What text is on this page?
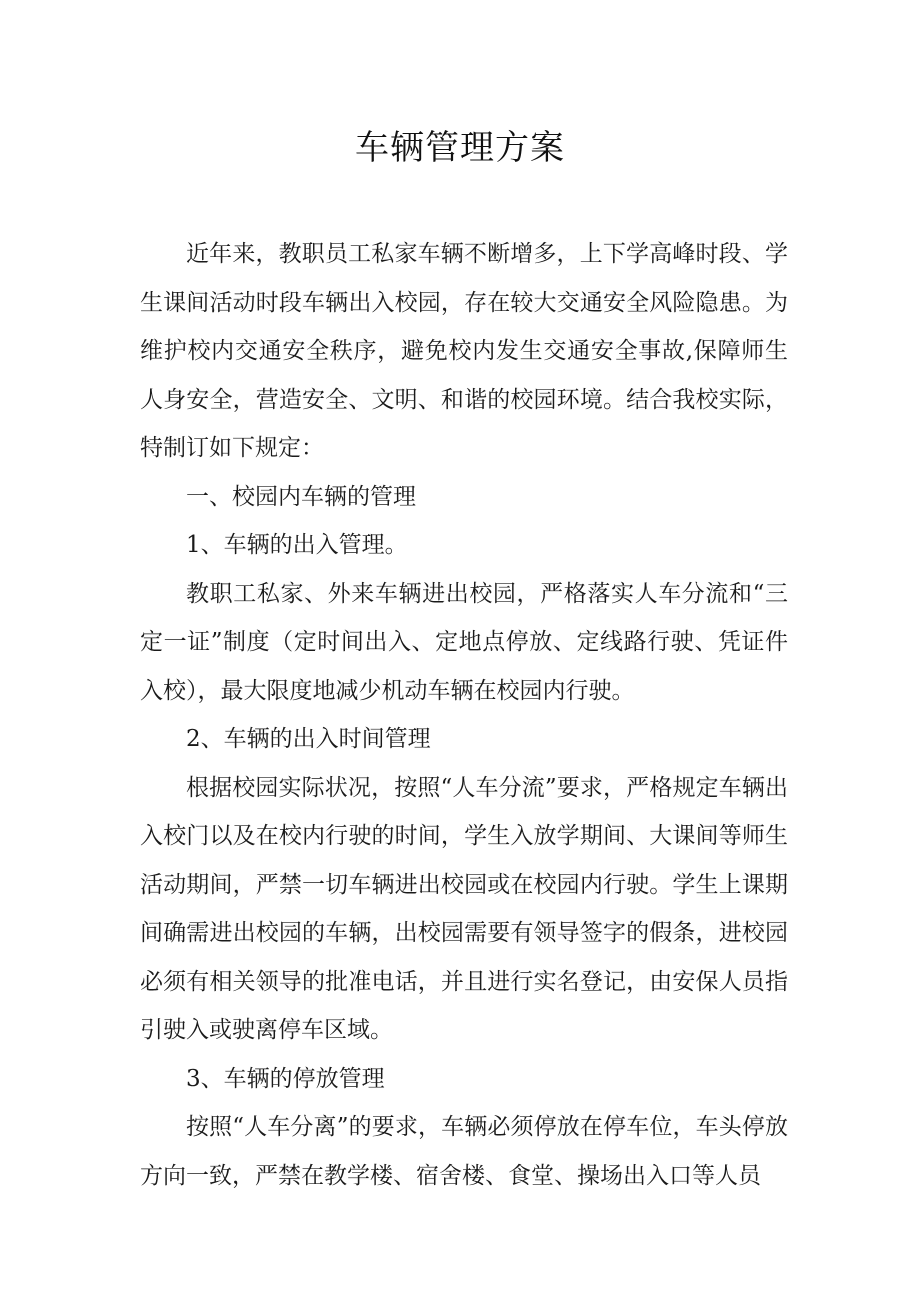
车辆管理方案

近年来，教职员工私家车辆不断增多，上下学高峰时段、学生课间活动时段车辆出入校园，存在较大交通安全风险隐患。为维护校内交通安全秩序，避免校内发生交通安全事故,保障师生人身安全，营造安全、文明、和谐的校园环境。结合我校实际，特制订如下规定：

一、校园内车辆的管理

1、车辆的出入管理。

教职工私家、外来车辆进出校园，严格落实人车分流和“三定一证”制度（定时间出入、定地点停放、定线路行驶、凭证件入校），最大限度地减少机动车辆在校园内行驶。

2、车辆的出入时间管理

根据校园实际状况，按照“人车分流”要求，严格规定车辆出入校门以及在校内行驶的时间，学生入放学期间、大课间等师生活动期间，严禁一切车辆进出校园或在校园内行驶。学生上课期间确需进出校园的车辆，出校园需要有领导签字的假条，进校园必须有相关领导的批准电话，并且进行实名登记，由安保人员指引驶入或驶离停车区域。

3、车辆的停放管理

按照“人车分离”的要求，车辆必须停放在停车位，车头停放方向一致，严禁在教学楼、宿舍楼、食堂、操场出入口等人员
